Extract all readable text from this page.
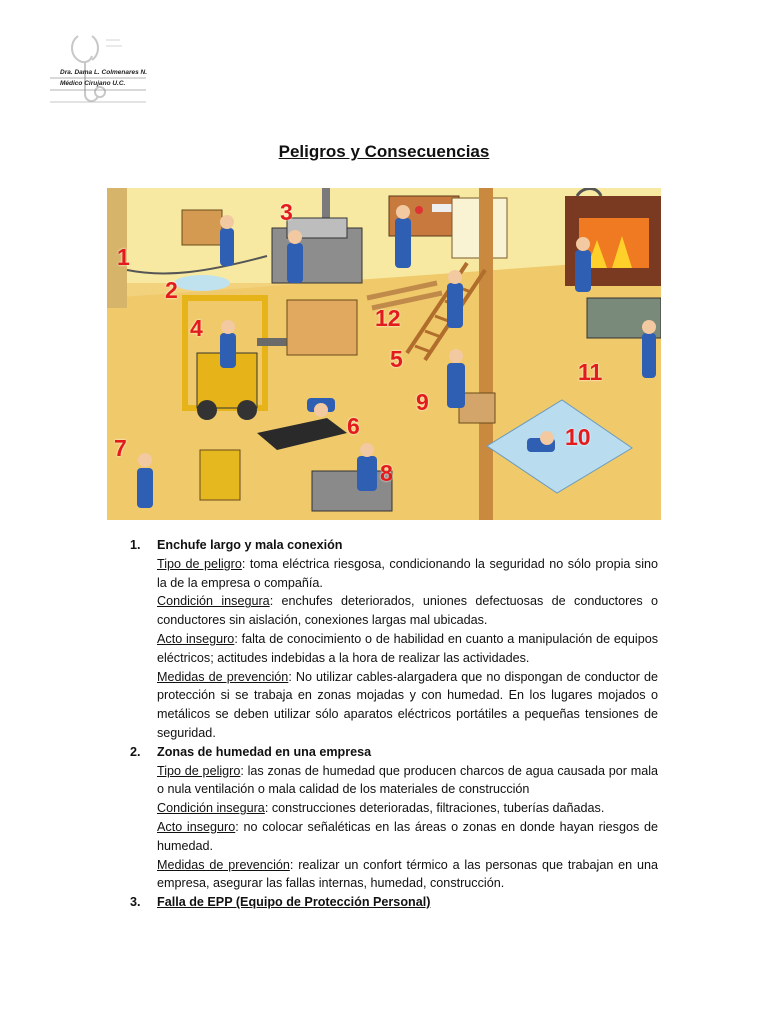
Dra. Dama L. Colmenares N.
Médico Cirujano U.C.
Peligros y Consecuencias
1
2
3
4
5
6
7
8
9
10
11
12
1.	Enchufe largo y mala conexión
Tipo de peligro: toma eléctrica riesgosa, condicionando la seguridad no sólo propia sino la de la empresa o compañía.
Condición insegura: enchufes deteriorados, uniones defectuosas de conductores o conductores sin aislación, conexiones largas mal ubicadas.
Acto inseguro: falta de conocimiento o de habilidad en cuanto a manipulación de equipos eléctricos; actitudes indebidas a la hora de realizar las actividades.
Medidas de prevención: No utilizar cables-alargadera que no dispongan de conductor de protección si se trabaja en zonas mojadas y con humedad. En los lugares mojados o metálicos se deben utilizar sólo aparatos eléctricos portátiles a pequeñas tensiones de seguridad.
2.	Zonas de humedad en una empresa
Tipo de peligro: las zonas de humedad que producen charcos de agua causada por mala o nula ventilación o mala calidad de los materiales de construcción
Condición insegura: construcciones deterioradas, filtraciones, tuberías dañadas.
Acto inseguro: no colocar señaléticas en las áreas o zonas en donde hayan riesgos de humedad.
Medidas de prevención: realizar un confort térmico a las personas que trabajan en una empresa, asegurar las fallas internas, humedad, construcción.
3.	Falla de EPP (Equipo de Protección Personal)
